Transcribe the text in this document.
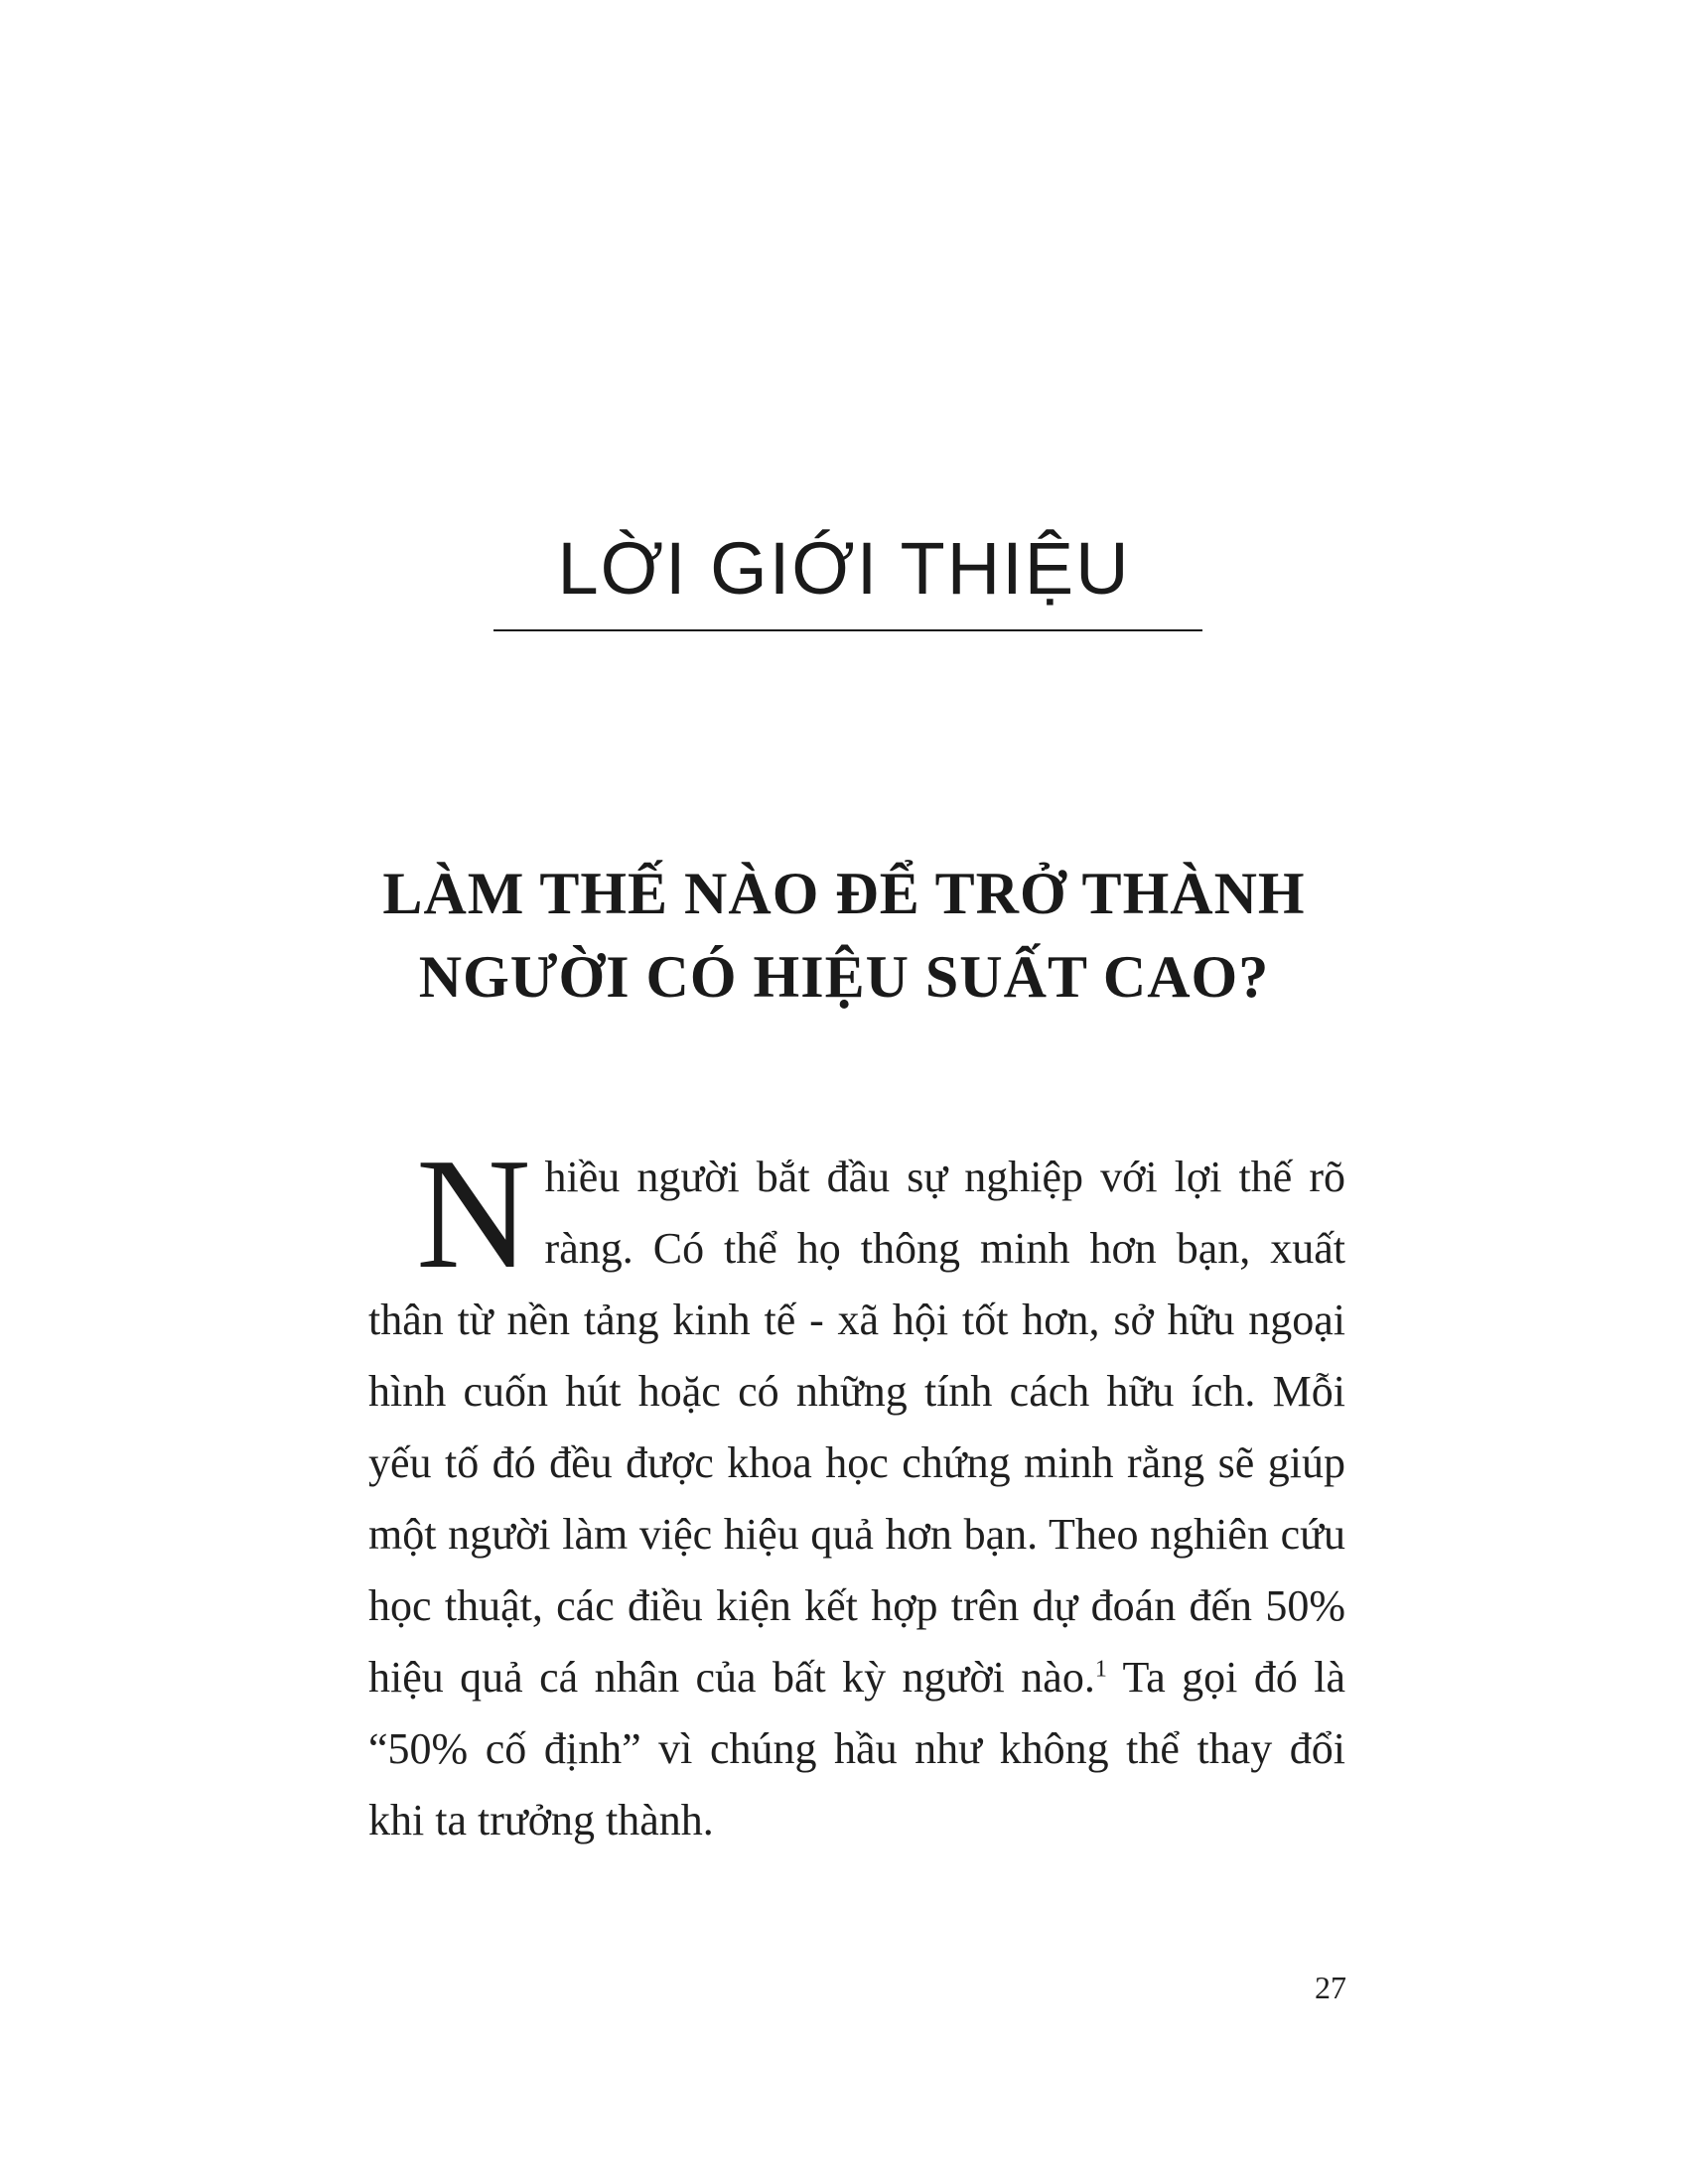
LỜI GIỚI THIỆU
LÀM THẾ NÀO ĐỂ TRỞ THÀNH
NGƯỜI CÓ HIỆU SUẤT CAO?

Nhiều người bắt đầu sự nghiệp với lợi thế rõ ràng. Có thể họ thông minh hơn bạn, xuất thân từ nền tảng kinh tế - xã hội tốt hơn, sở hữu ngoại hình cuốn hút hoặc có những tính cách hữu ích. Mỗi yếu tố đó đều được khoa học chứng minh rằng sẽ giúp một người làm việc hiệu quả hơn bạn. Theo nghiên cứu học thuật, các điều kiện kết hợp trên dự đoán đến 50% hiệu quả cá nhân của bất kỳ người nào.$^1$ Ta gọi đó là “50% cố định” vì chúng hầu như không thể thay đổi khi ta trưởng thành.

27
